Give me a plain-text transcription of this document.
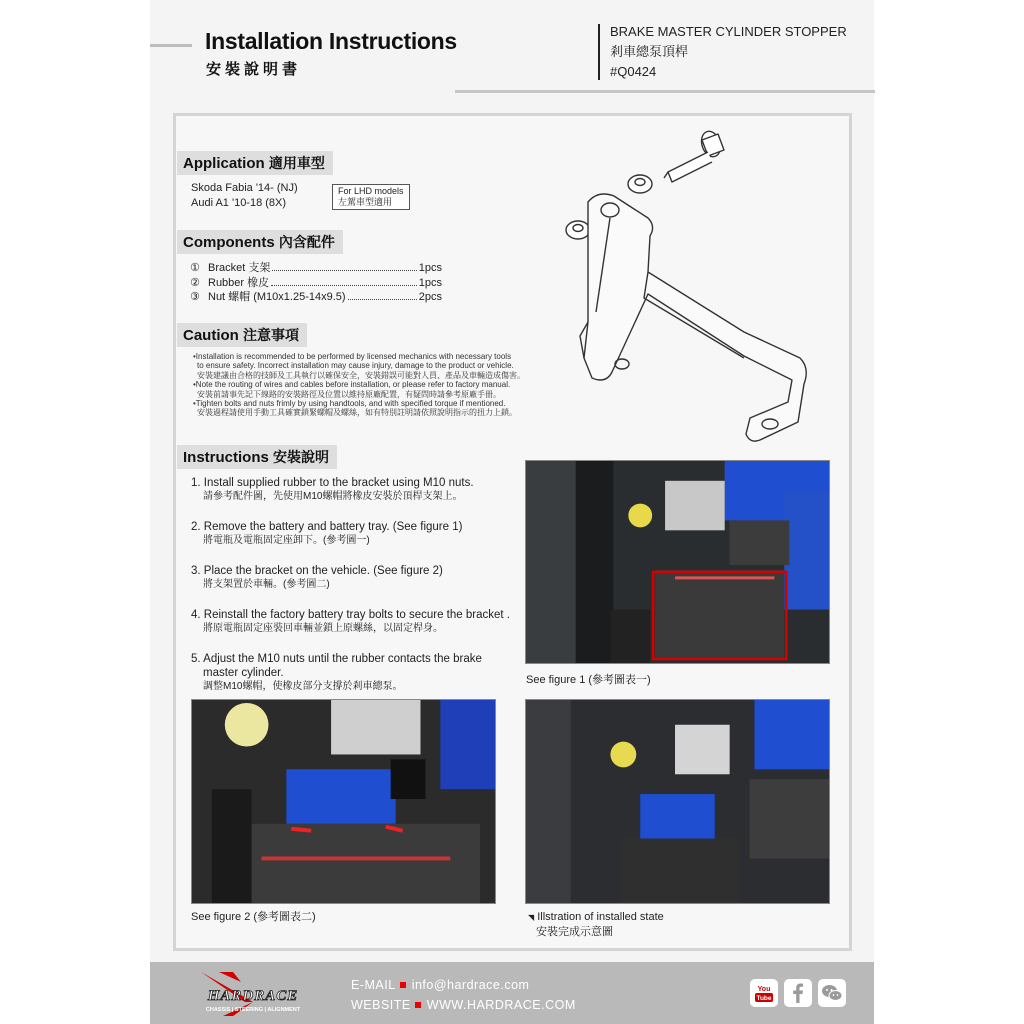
Installation Instructions
安裝說明書
BRAKE MASTER CYLINDER STOPPER
剎車總泵頂桿
#Q0424
Application 適用車型
Skoda Fabia '14- (NJ)
Audi A1 '10-18 (8X)
For LHD models
左駕車型適用
Components 內含配件
① Bracket 支架	1pcs
② Rubber 橡皮	1pcs
③ Nut 螺帽 (M10x1.25-14x9.5)	2pcs
Caution 注意事項

•Installation is recommended to be performed by licensed mechanics with necessary tools

to ensure safety. Incorrect installation may cause injury, damage to the product or vehicle.

安裝建議由合格的技師及工具執行以確保安全，安裝錯誤可能對人員、產品及車輛造成傷害。

•Note the routing of wires and cables before installation, or please refer to factory manual.

安裝前請事先記下線路的安裝路徑及位置以維持原廠配置，有疑問時請參考原廠手冊。

•Tighten bolts and nuts frimly by using handtools, and with specified torque if mentioned.

安裝過程請使用手動工具確實鎖緊螺帽及螺絲，如有特別註明請依照說明指示的扭力上鎖。

Instructions 安裝說明
1. Install supplied rubber to the bracket using M10 nuts.
請參考配件圖，先使用M10螺帽將橡皮安裝於頂桿支架上。
2. Remove the battery and battery tray. (See figure 1)
將電瓶及電瓶固定座卸下。(參考圖一)
3. Place the bracket on the vehicle. (See figure 2)
將支架置於車輛。(參考圖二)
4. Reinstall the factory battery tray bolts to secure the bracket .
將原電瓶固定座裝回車輛並鎖上原螺絲，以固定桿身。
5. Adjust the M10 nuts until the rubber contacts the brake
master cylinder.
調整M10螺帽，使橡皮部分支撐於剎車總泵。
See figure 1 (參考圖表一)
See figure 2 (參考圖表二)	◥ Illstration of installed state
安裝完成示意圖
HARDRACE
CHASSIS | STEERING | ALIGNMENT
E-MAIL info@hardrace.com
WEBSITE WWW.HARDRACE.COM
You
Tube
